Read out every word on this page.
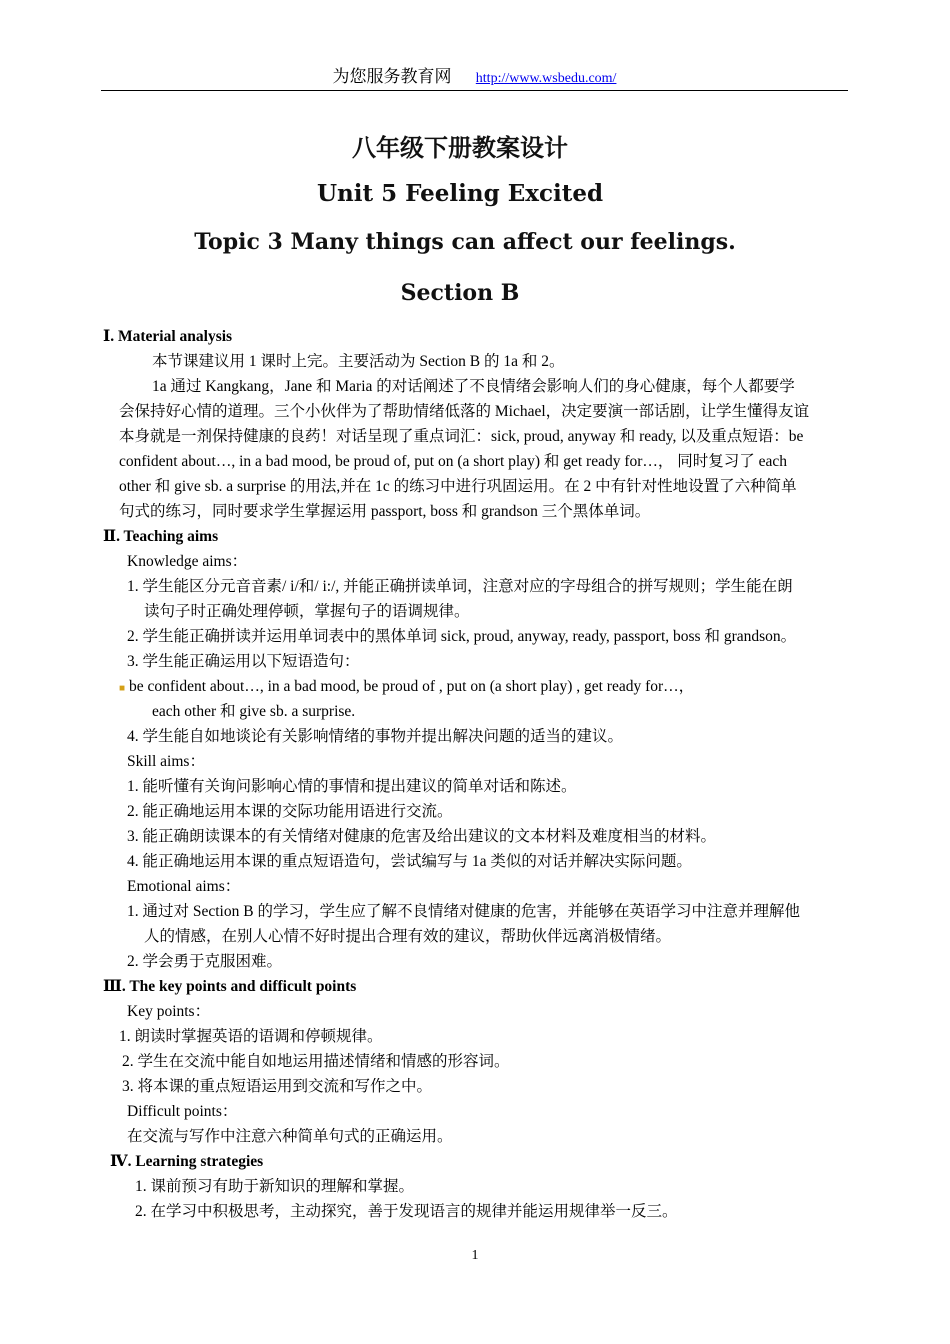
为您服务教育网 http://www.wsbedu.com/
八年级下册教案设计
Unit 5 Feeling Excited
Topic 3 Many things can affect our feelings.
Section B
Ⅰ. Material analysis
本节课建议用 1 课时上完。主要活动为 Section B 的 1a 和 2。
1a 通过 Kangkang，Jane 和 Maria 的对话阐述了不良情绪会影响人们的身心健康，每个人都要学
会保持好心情的道理。三个小伙伴为了帮助情绪低落的 Michael，决定要演一部话剧，让学生懂得友谊
本身就是一剂保持健康的良药！对话呈现了重点词汇：sick, proud, anyway 和 ready, 以及重点短语：be
confident about…, in a bad mood, be proud of, put on (a short play) 和 get ready for…， 同时复习了 each
other 和 give sb. a surprise 的用法,并在 1c 的练习中进行巩固运用。在 2 中有针对性地设置了六种简单
句式的练习，同时要求学生掌握运用 passport, boss 和 grandson 三个黑体单词。
Ⅱ. Teaching aims
Knowledge aims：
1. 学生能区分元音音素/ i/和/ i:/, 并能正确拼读单词，注意对应的字母组合的拼写规则；学生能在朗
读句子时正确处理停顿，掌握句子的语调规律。
2. 学生能正确拼读并运用单词表中的黑体单词 sick, proud, anyway, ready, passport, boss 和 grandson。
3. 学生能正确运用以下短语造句：
be confident about…, in a bad mood, be proud of , put on (a short play) , get ready for…，
each other 和 give sb. a surprise.
4. 学生能自如地谈论有关影响情绪的事物并提出解决问题的适当的建议。
Skill aims：
1. 能听懂有关询问影响心情的事情和提出建议的简单对话和陈述。
2. 能正确地运用本课的交际功能用语进行交流。
3. 能正确朗读课本的有关情绪对健康的危害及给出建议的文本材料及难度相当的材料。
4. 能正确地运用本课的重点短语造句，尝试编写与 1a 类似的对话并解决实际问题。
Emotional aims：
1. 通过对 Section B 的学习，学生应了解不良情绪对健康的危害，并能够在英语学习中注意并理解他
人的情感，在别人心情不好时提出合理有效的建议，帮助伙伴远离消极情绪。
2. 学会勇于克服困难。
Ⅲ. The key points and difficult points
Key points：
1. 朗读时掌握英语的语调和停顿规律。
2. 学生在交流中能自如地运用描述情绪和情感的形容词。
3. 将本课的重点短语运用到交流和写作之中。
Difficult points：
在交流与写作中注意六种简单句式的正确运用。
Ⅳ. Learning strategies
1. 课前预习有助于新知识的理解和掌握。
2. 在学习中积极思考，主动探究，善于发现语言的规律并能运用规律举一反三。
■
1
